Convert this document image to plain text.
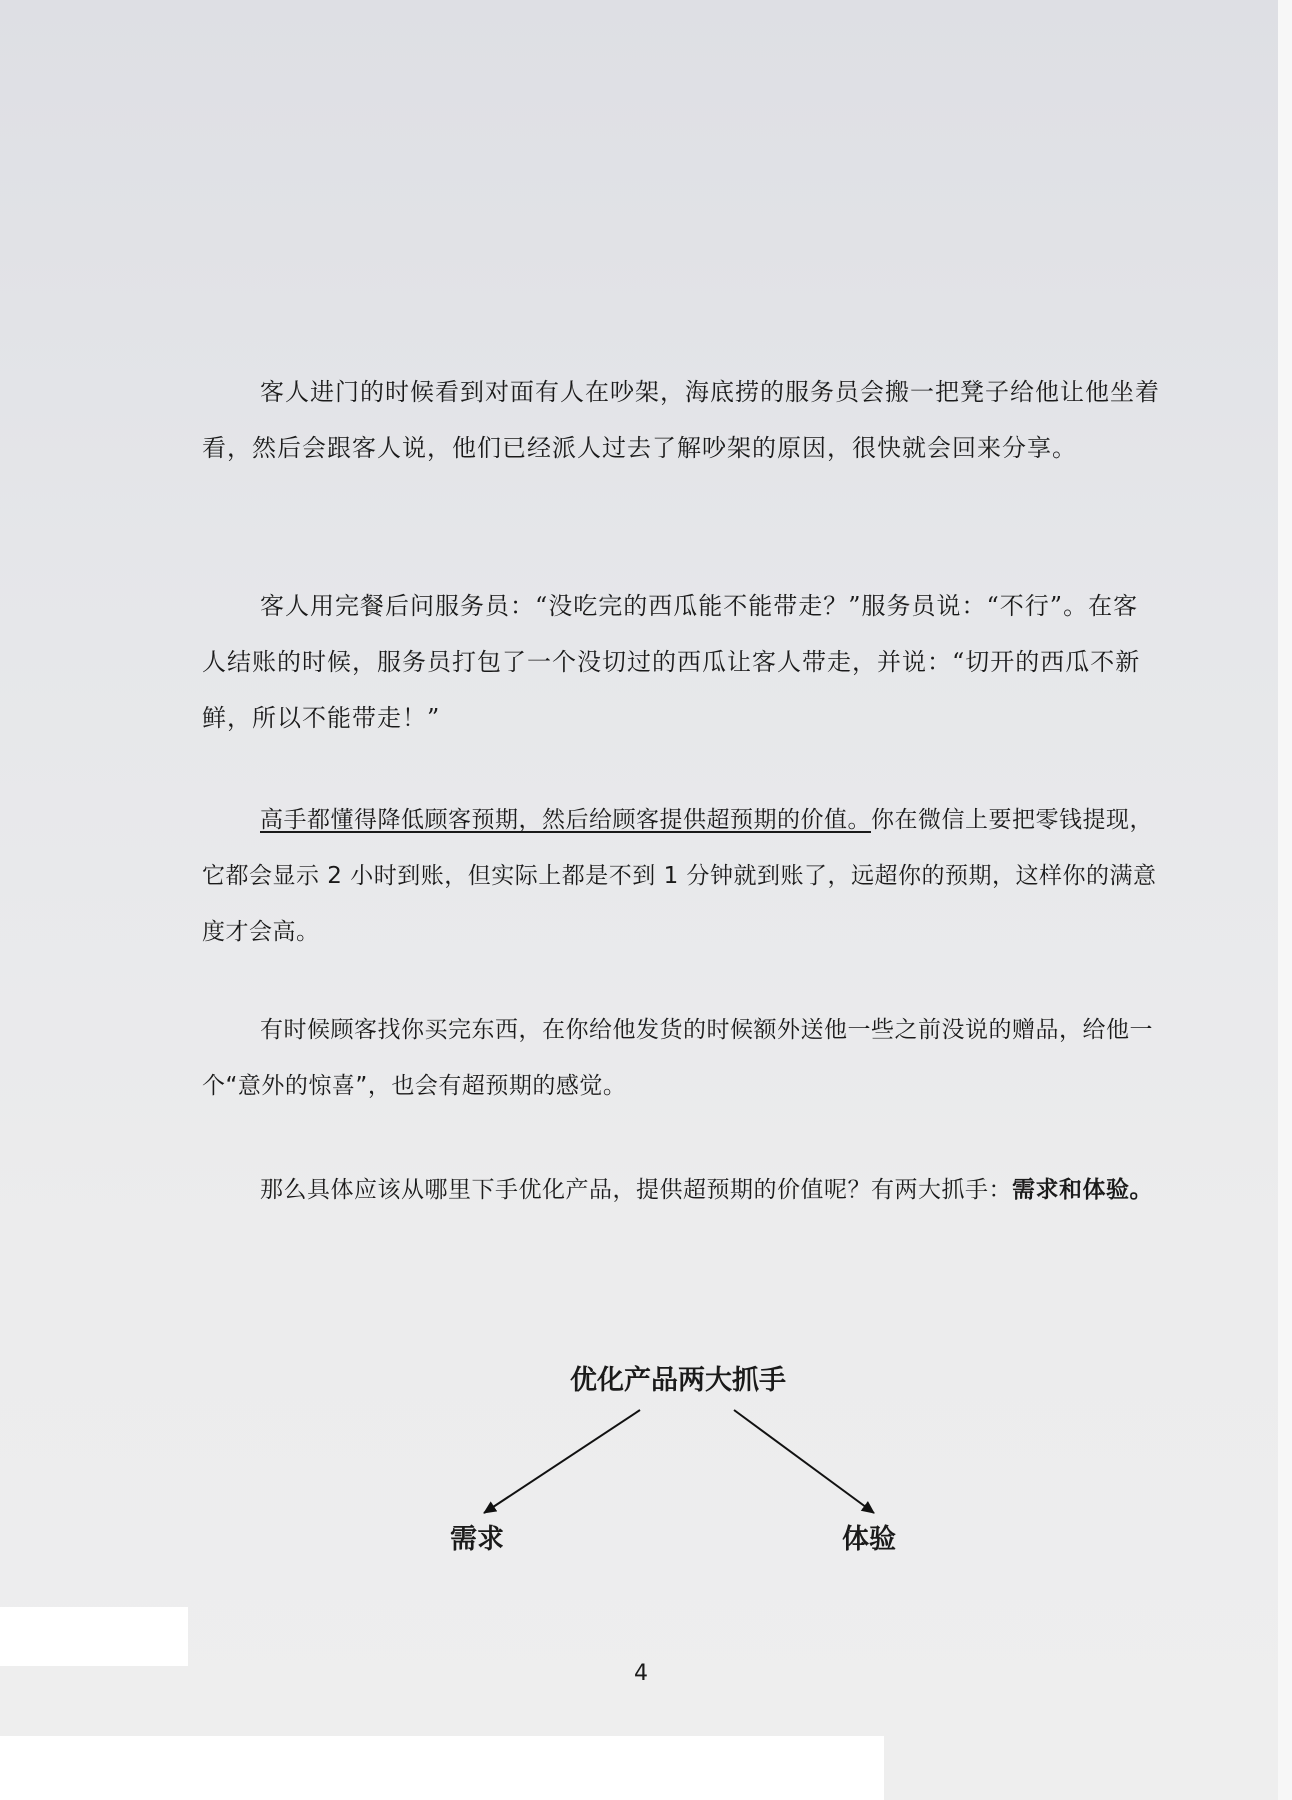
客人进门的时候看到对面有人在吵架，海底捞的服务员会搬一把凳子给他让他坐着看，然后会跟客人说，他们已经派人过去了解吵架的原因，很快就会回来分享。

客人用完餐后问服务员：“没吃完的西瓜能不能带走？”服务员说：“不行”。在客人结账的时候，服务员打包了一个没切过的西瓜让客人带走，并说：“切开的西瓜不新鲜，所以不能带走！”

高手都懂得降低顾客预期，然后给顾客提供超预期的价值。你在微信上要把零钱提现，它都会显示 2 小时到账，但实际上都是不到 1 分钟就到账了，远超你的预期，这样你的满意度才会高。

有时候顾客找你买完东西，在你给他发货的时候额外送他一些之前没说的赠品，给他一个“意外的惊喜”，也会有超预期的感觉。

那么具体应该从哪里下手优化产品，提供超预期的价值呢？有两大抓手：需求和体验。

优化产品两大抓手
需求	体验
4
